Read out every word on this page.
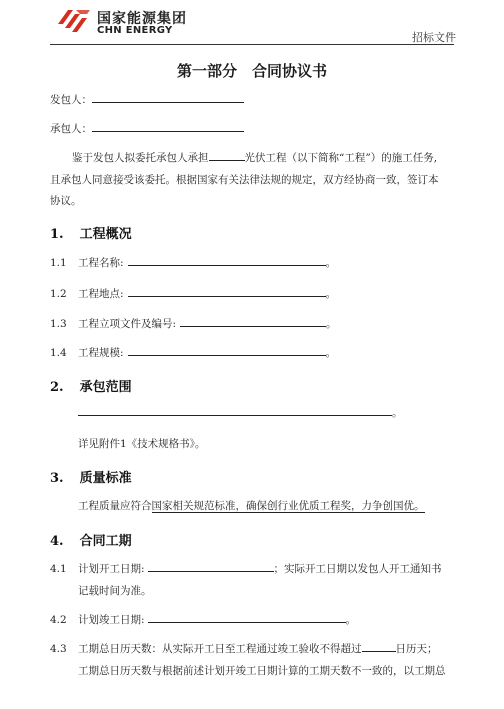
国家能源集团
CHN ENERGY
招标文件
第一部分　合同协议书
发包人：
承包人：
鉴于发包人拟委托承包人承担	光伏工程（以下简称“工程”）的施工任务,
且承包人同意接受该委托。根据国家有关法律法规的规定，双方经协商一致，签订本
协议。
1. 工程概况
1.1 工程名称:	。
1.2 工程地点:	。
1.3 工程立项文件及编号:	。
1.4 工程规模:	。
2. 承包范围
。
详见附件1《技术规格书》。
3. 质量标准
工程质量应符合国家相关规范标准，确保创行业优质工程奖，力争创国优。
4. 合同工期
4.1 计划开工日期:	；实际开工日期以发包人开工通知书
记载时间为准。
4.2 计划竣工日期:	。
4.3 工期总日历天数：从实际开工日至工程通过竣工验收不得超过	日历天；
工期总日历天数与根据前述计划开竣工日期计算的工期天数不一致的，以工期总
